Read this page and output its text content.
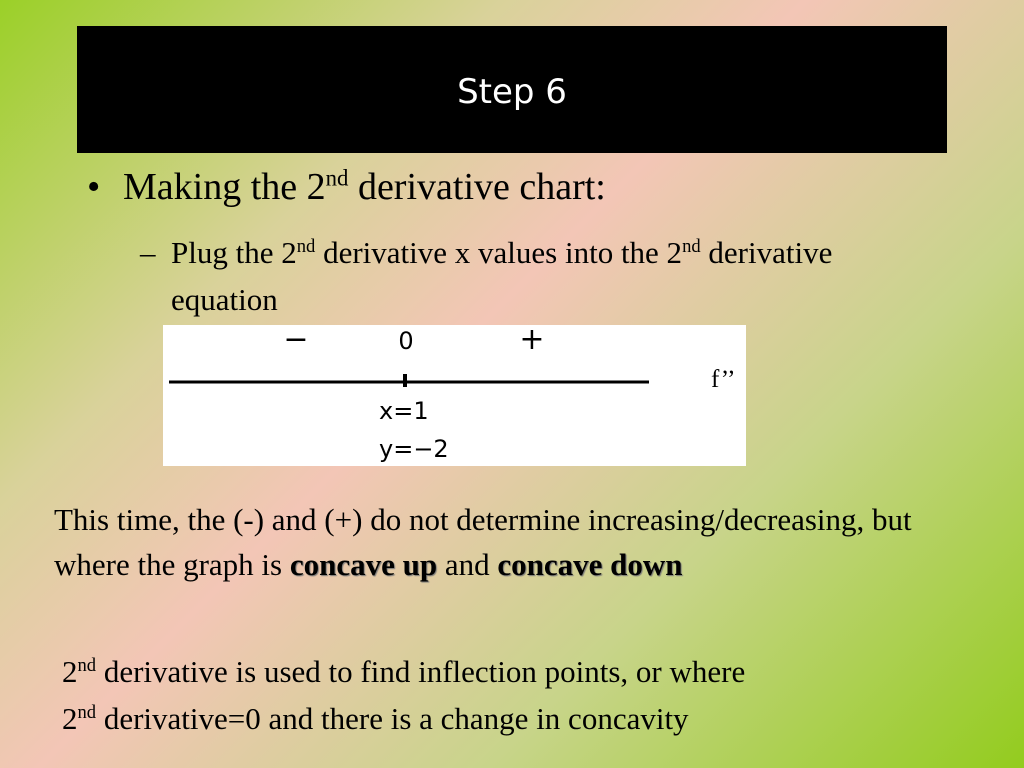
Step 6
• Making the 2nd derivative chart:
– Plug the 2nd derivative x values into the 2nd derivative equation
−	0	+
f’’
x=1
y=−2
This time, the (-) and (+) do not determine increasing/decreasing, but where the graph is concave up and concave down
2nd derivative is used to find inflection points, or where
2nd derivative=0 and there is a change in concavity
